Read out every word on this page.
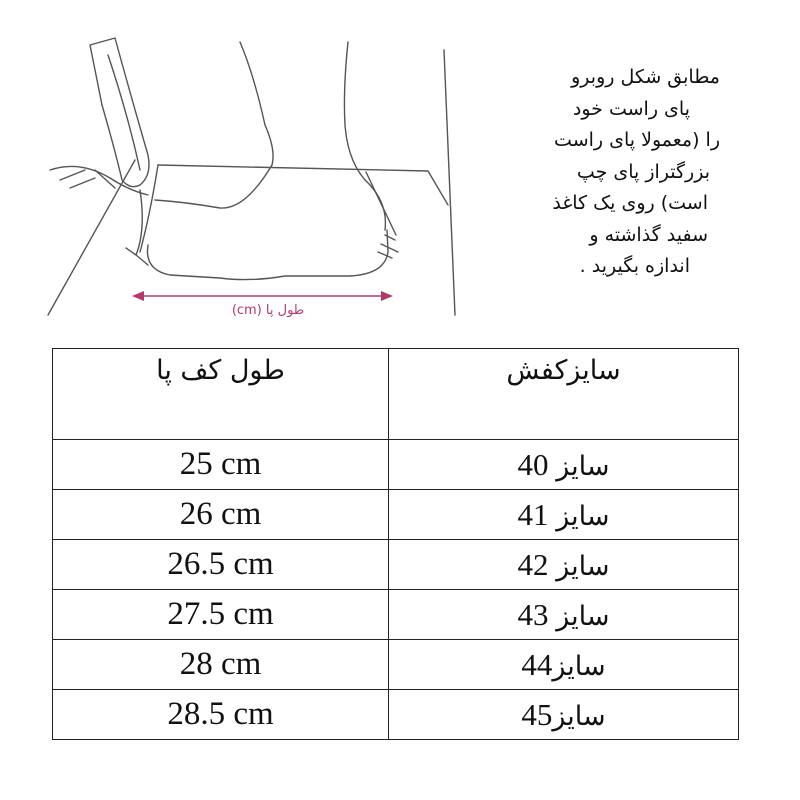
طول پا (cm)
مطابق شکل روبرو
پای راست خود
را (معمولا پای راست
بزرگتراز پای چپ
است) روی یک کاغذ
سفید گذاشته و
اندازه بگیرید .
طول کف پا	سایزکفش
25 cm	سایز 40
26 cm	سایز 41
26.5 cm	سایز 42
27.5 cm	سایز 43
28 cm	سایز44
28.5 cm	سایز45
